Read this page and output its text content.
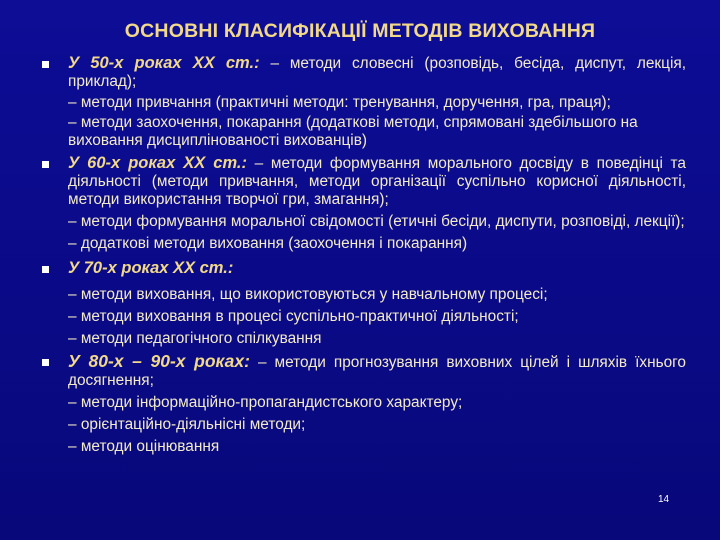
ОСНОВНІ КЛАСИФІКАЦІЇ МЕТОДІВ ВИХОВАННЯ

У 50-х роках ХХ ст.: – методи словесні (розповідь, бесіда, диспут, лекція, приклад);

– методи привчання (практичні методи: тренування, доручення, гра, праця);

– методи заохочення, покарання (додаткові методи, спрямовані здебільшого на виховання дисциплінованості вихованців)

У 60-х роках ХХ ст.: – методи формування морального досвіду в поведінці та діяльності (методи привчання, методи організації суспільно корисної діяльності, методи використання творчої гри, змагання);

– методи формування моральної свідомості (етичні бесіди, диспути, розповіді, лекції);

– додаткові методи виховання (заохочення і покарання)

У 70-х роках ХХ ст.:

– методи виховання, що використовуються у навчальному процесі;

– методи виховання в процесі суспільно-практичної діяльності;

– методи педагогічного спілкування

У 80-х – 90-х роках: – методи прогнозування виховних цілей і шляхів їхнього досягнення;

– методи інформаційно-пропагандистського характеру;

– орієнтаційно-діяльнісні методи;

– методи оцінювання

14
